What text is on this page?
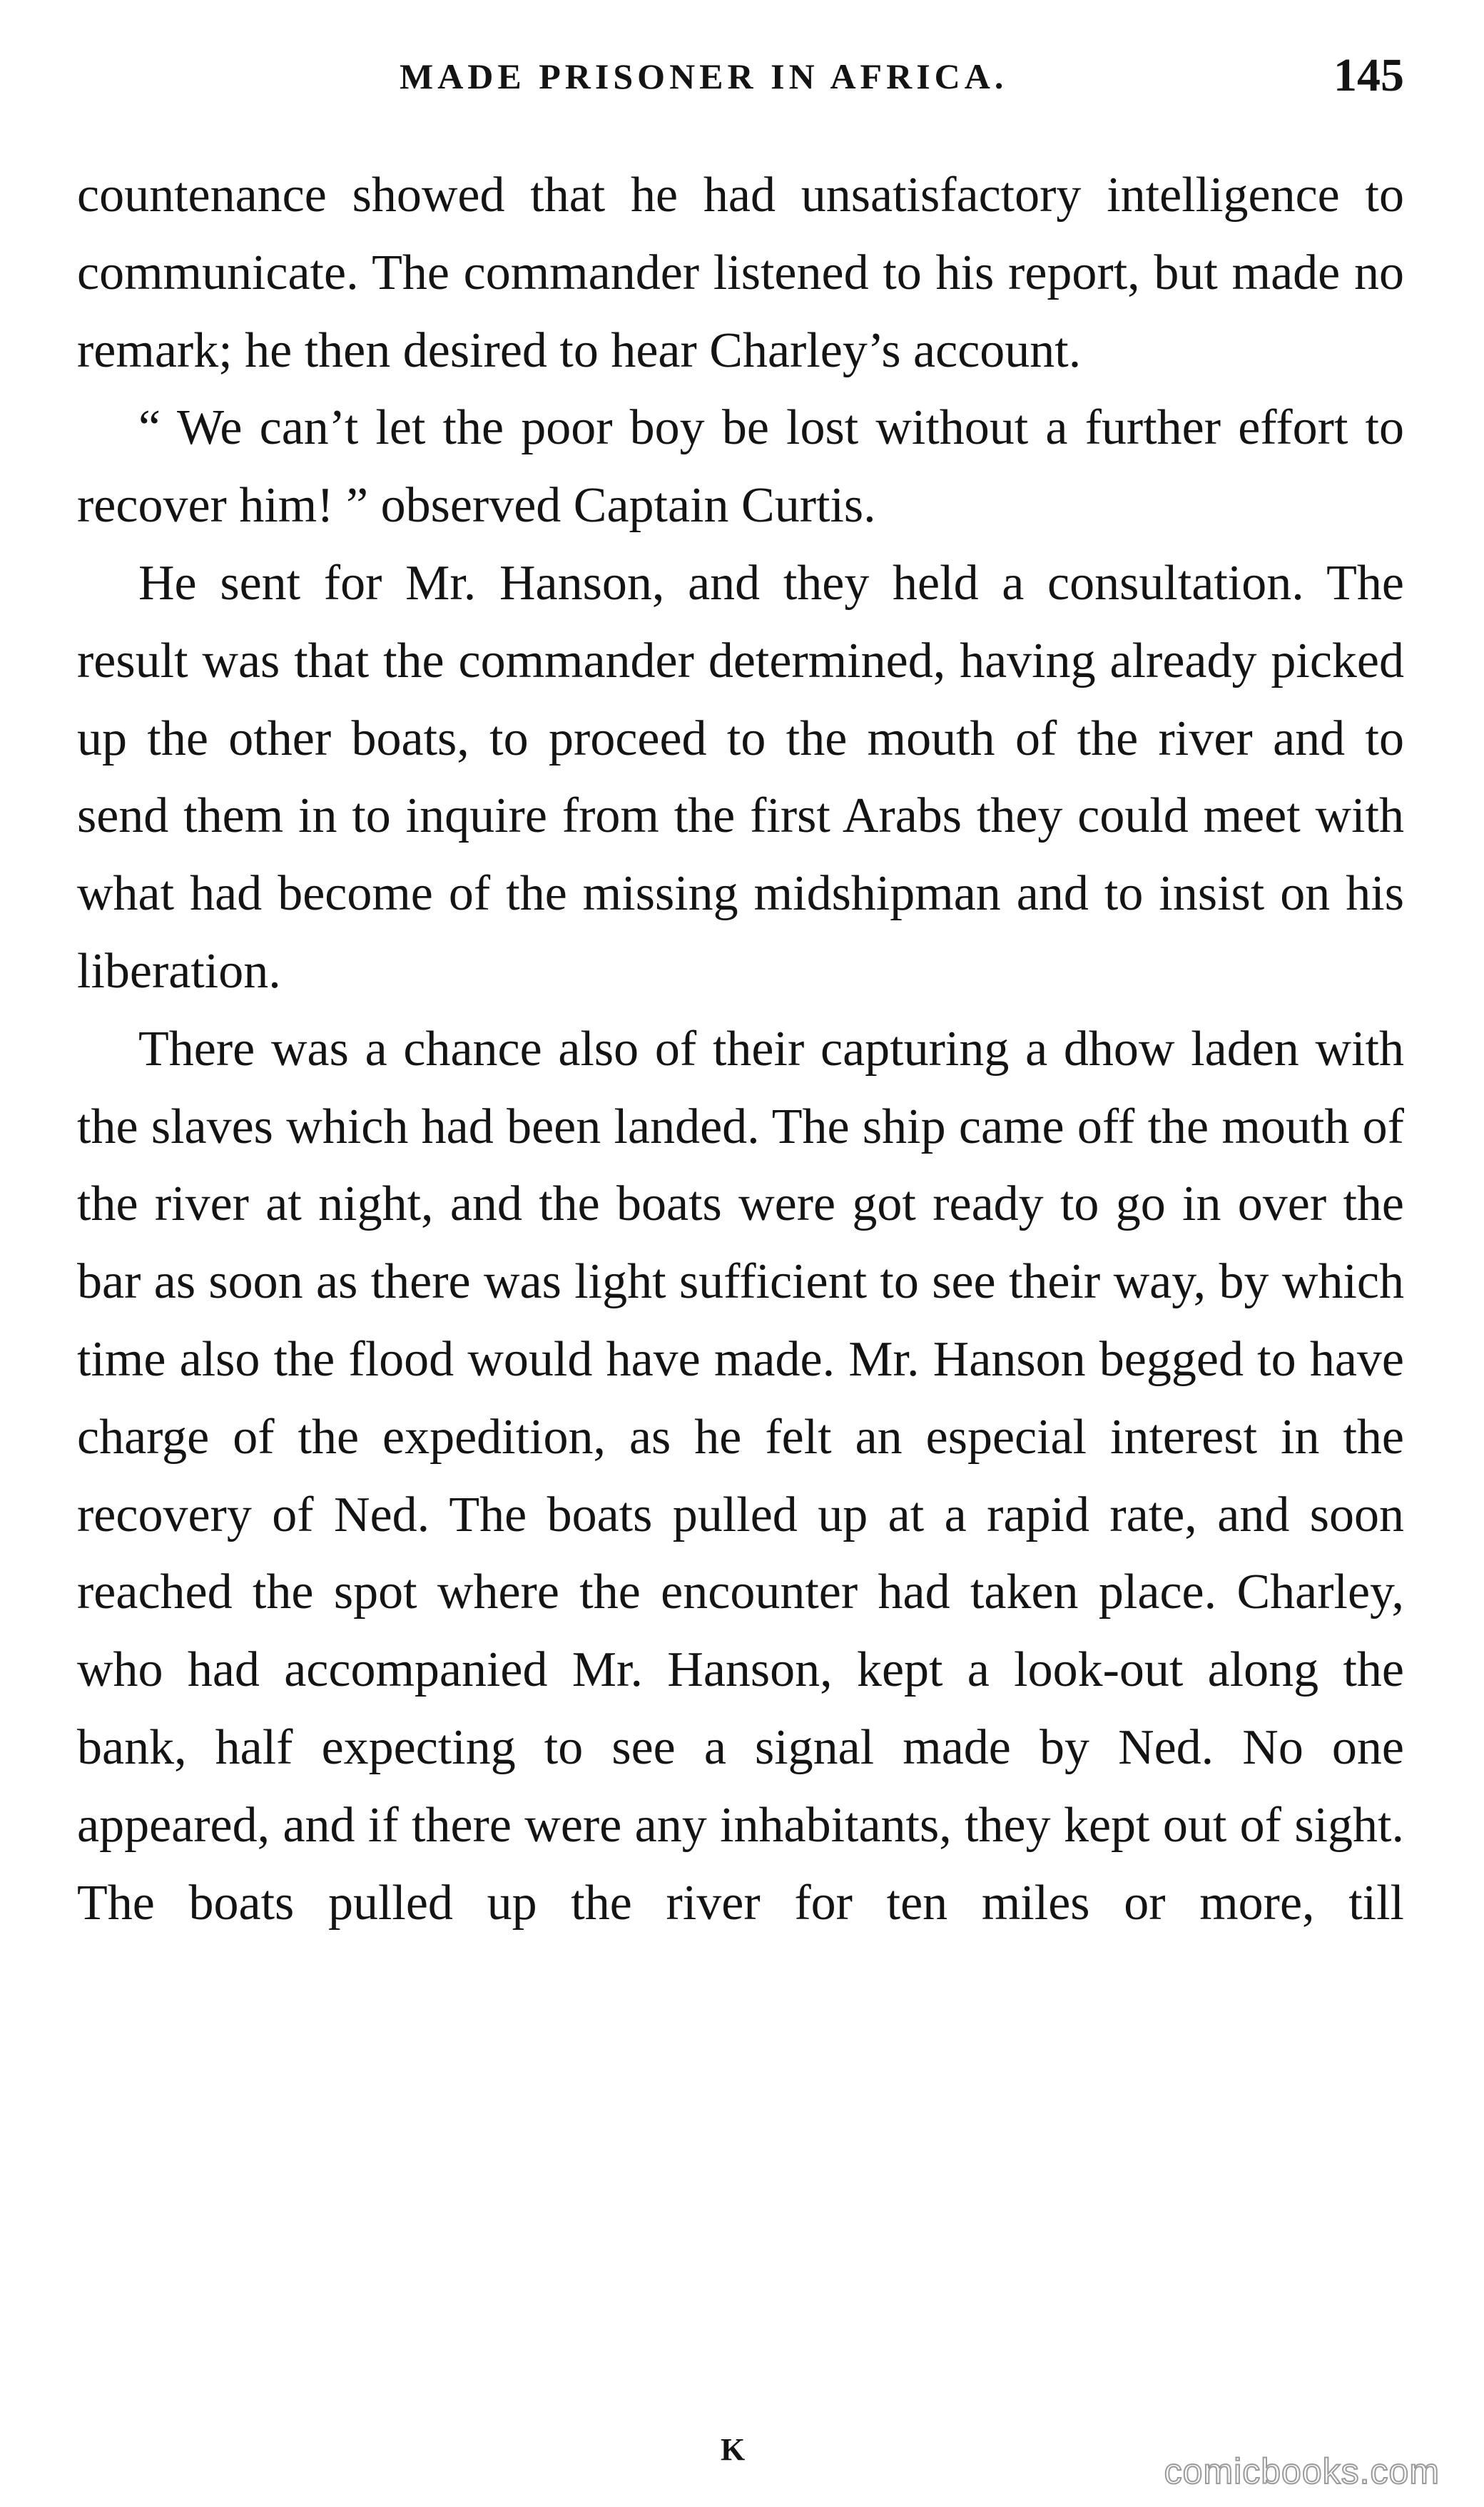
MADE PRISONER IN AFRICA.	145

countenance showed that he had unsatisfactory intelligence to communicate. The commander listened to his report, but made no remark; he then desired to hear Charley’s account.

“ We can’t let the poor boy be lost without a further effort to recover him! ” observed Captain Curtis.

He sent for Mr. Hanson, and they held a consultation. The result was that the commander determined, having already picked up the other boats, to proceed to the mouth of the river and to send them in to inquire from the first Arabs they could meet with what had become of the missing midshipman and to insist on his liberation.

There was a chance also of their capturing a dhow laden with the slaves which had been landed. The ship came off the mouth of the river at night, and the boats were got ready to go in over the bar as soon as there was light sufficient to see their way, by which time also the flood would have made. Mr. Hanson begged to have charge of the expedition, as he felt an especial interest in the recovery of Ned. The boats pulled up at a rapid rate, and soon reached the spot where the encounter had taken place. Charley, who had accompanied Mr. Hanson, kept a look-out along the bank, half expecting to see a signal made by Ned. No one appeared, and if there were any inhabitants, they kept out of sight. The boats pulled up the river for ten miles or more, till

K
comicbooks.com
